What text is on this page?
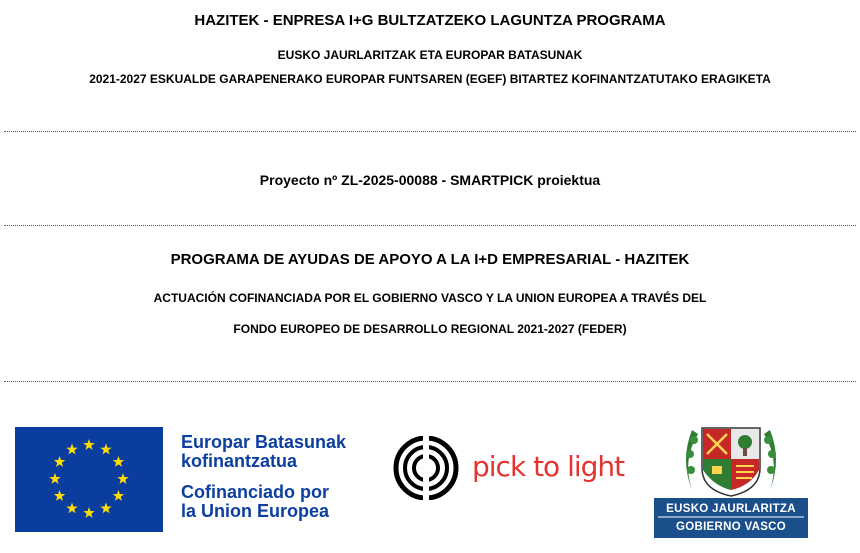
HAZITEK - ENPRESA I+G BULTZATZEKO LAGUNTZA PROGRAMA
EUSKO JAURLARITZAK ETA EUROPAR BATASUNAK
2021-2027 ESKUALDE GARAPENERAKO EUROPAR FUNTSAREN (EGEF) BITARTEZ KOFINANTZATUTAKO ERAGIKETA
Proyecto nº ZL-2025-00088 - SMARTPICK proiektua
PROGRAMA DE AYUDAS DE APOYO A LA I+D EMPRESARIAL - HAZITEK
ACTUACIÓN COFINANCIADA POR EL GOBIERNO VASCO Y LA UNION EUROPEA A TRAVÉS DEL
FONDO EUROPEO DE DESARROLLO REGIONAL 2021-2027 (FEDER)
Europar Batasunak
kofinantzatua
Cofinanciado por
la Union Europea
pick to light
EUSKO JAURLARITZA
GOBIERNO VASCO
